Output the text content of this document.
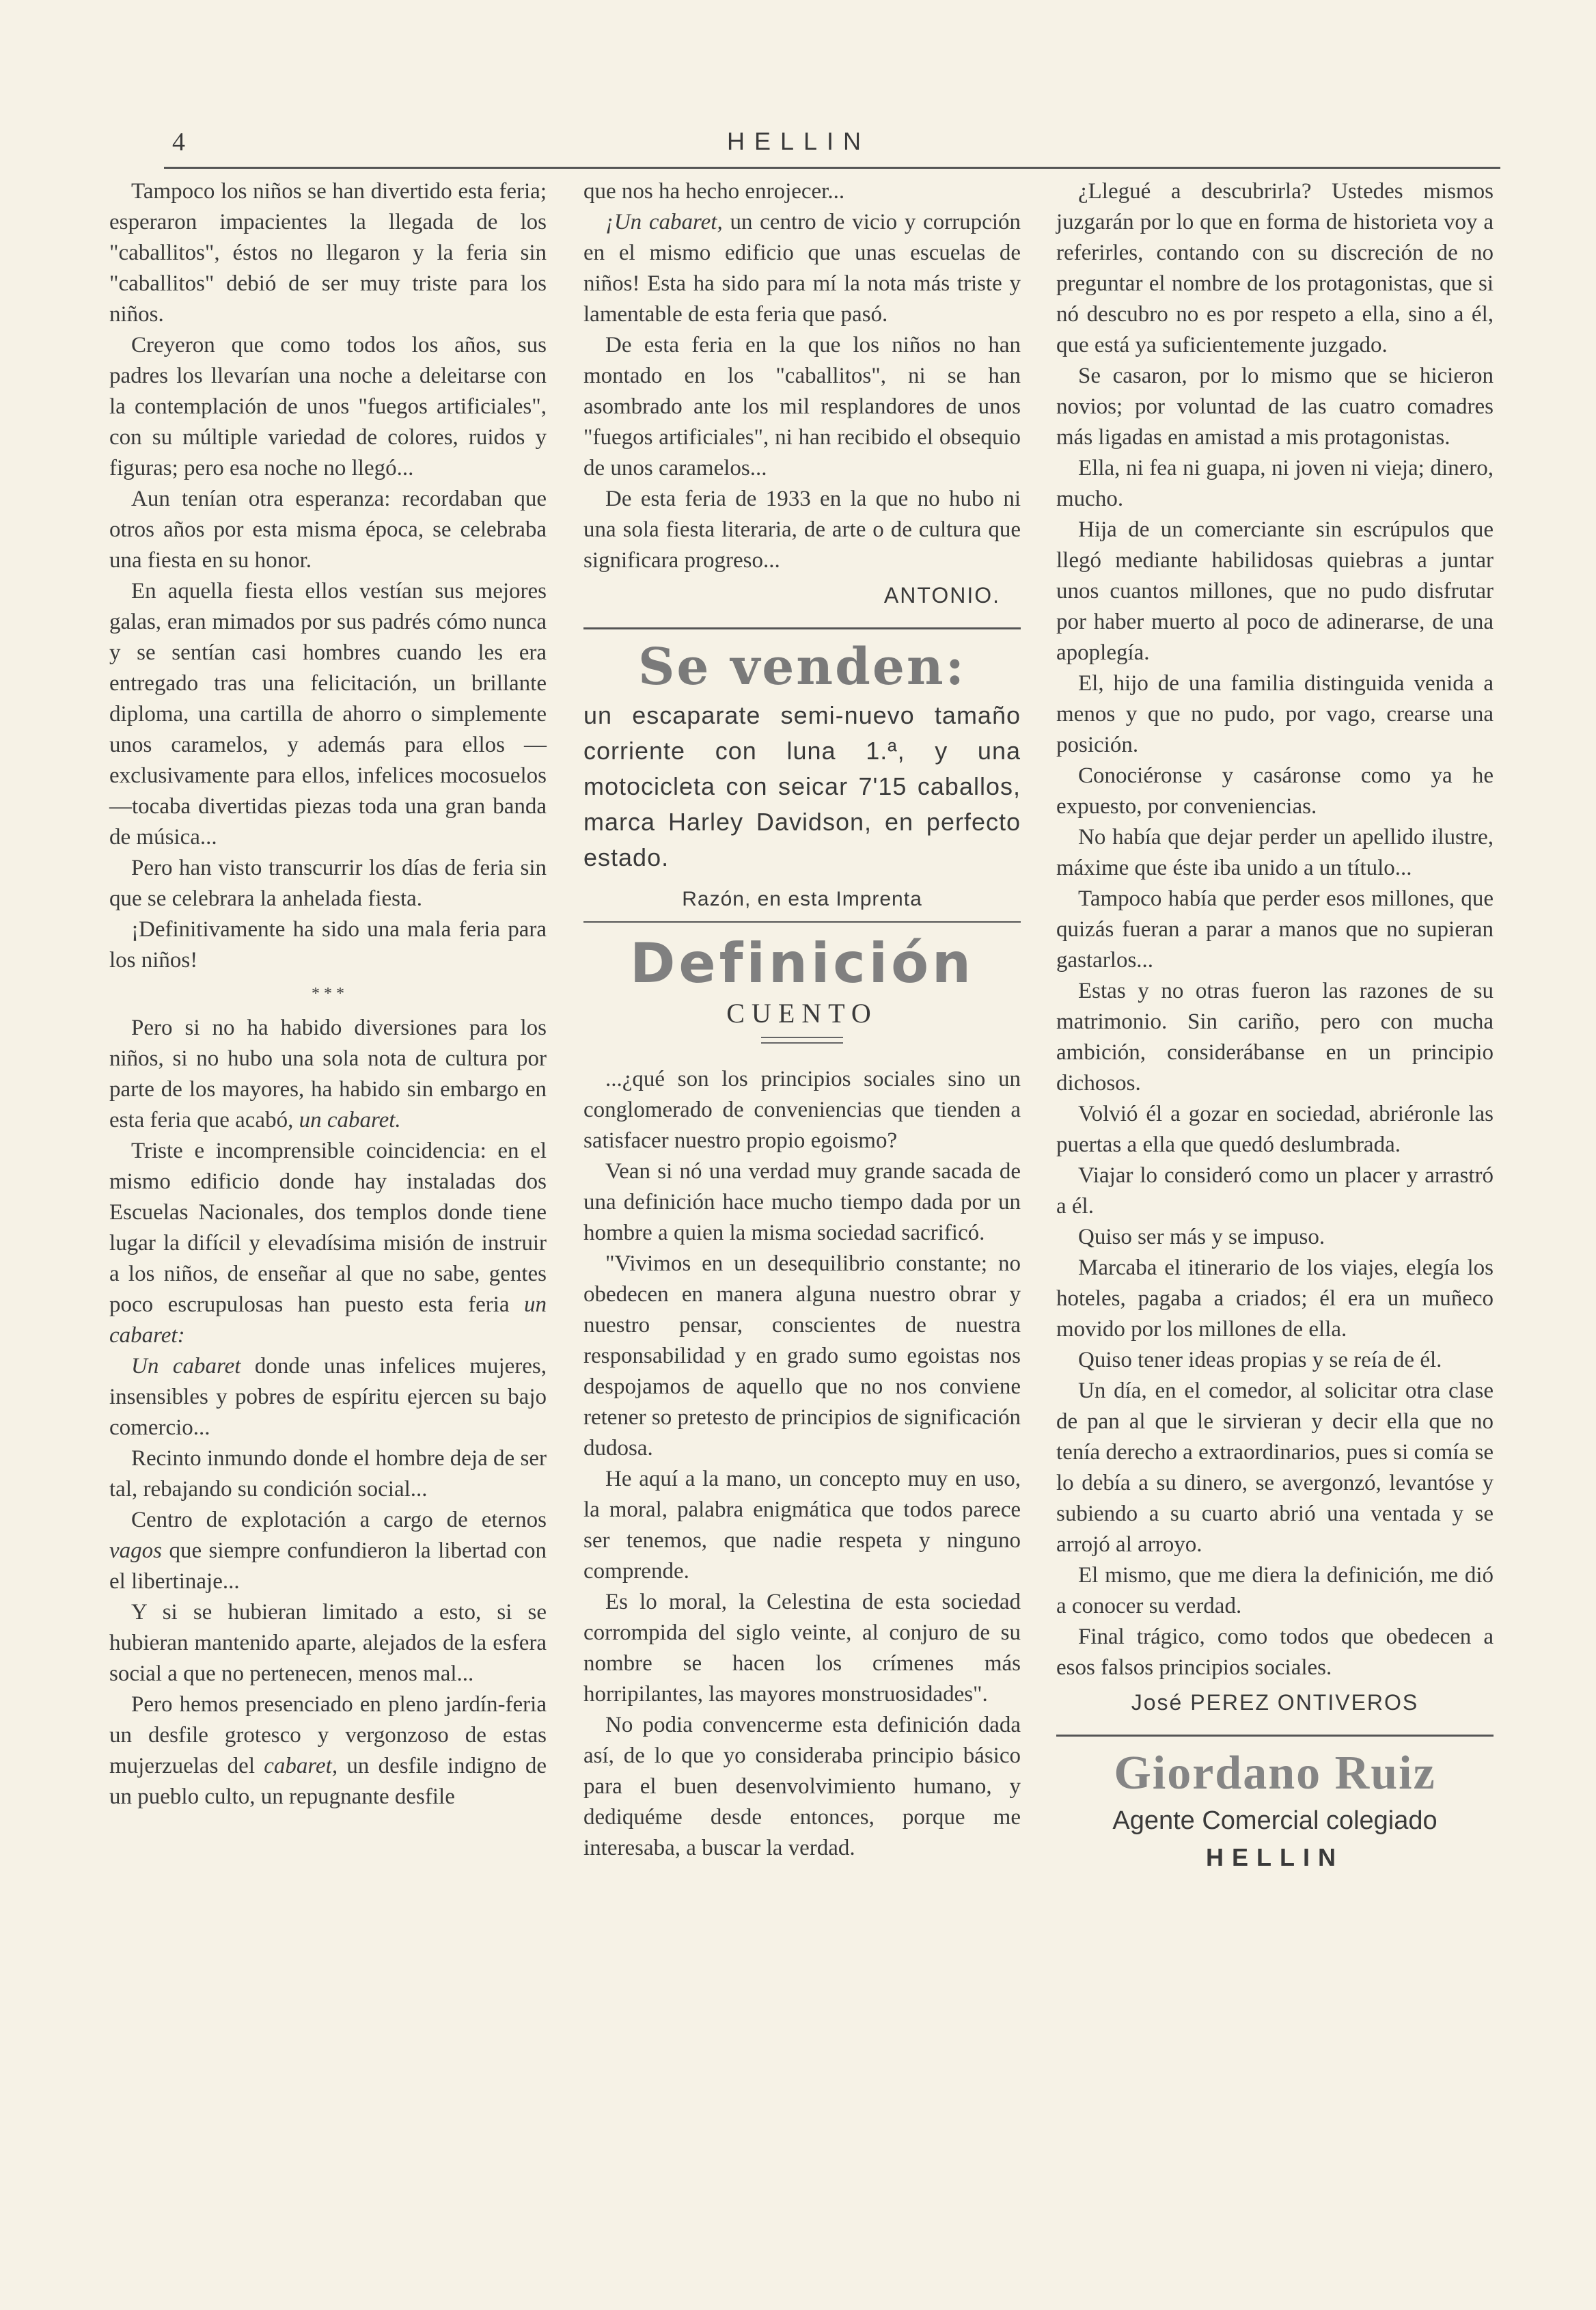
4	HELLIN

Tampoco los niños se han divertido esta feria; esperaron impacientes la llegada de los "caballitos", éstos no llegaron y la feria sin "caballitos" debió de ser muy triste para los niños.

Creyeron que como todos los años, sus padres los llevarían una noche a deleitarse con la contemplación de unos "fuegos artificiales", con su múltiple variedad de colores, ruidos y figuras; pero esa noche no llegó...

Aun tenían otra esperanza: recordaban que otros años por esta misma época, se celebraba una fiesta en su honor.

En aquella fiesta ellos vestían sus mejores galas, eran mimados por sus padrés cómo nunca y se sentían casi hombres cuando les era entregado tras una felicitación, un brillante diploma, una cartilla de ahorro o simplemente unos caramelos, y además para ellos —exclusivamente para ellos, infelices mocosuelos—tocaba divertidas piezas toda una gran banda de música...

Pero han visto transcurrir los días de feria sin que se celebrara la anhelada fiesta.

¡Definitivamente ha sido una mala feria para los niños!

* * *

Pero si no ha habido diversiones para los niños, si no hubo una sola nota de cultura por parte de los mayores, ha habido sin embargo en esta feria que acabó, un cabaret.

Triste e incomprensible coincidencia: en el mismo edificio donde hay instaladas dos Escuelas Nacionales, dos templos donde tiene lugar la difícil y elevadísima misión de instruir a los niños, de enseñar al que no sabe, gentes poco escrupulosas han puesto esta feria un cabaret:

Un cabaret donde unas infelices mujeres, insensibles y pobres de espíritu ejercen su bajo comercio...

Recinto inmundo donde el hombre deja de ser tal, rebajando su condición social...

Centro de explotación a cargo de eternos vagos que siempre confundieron la libertad con el libertinaje...

Y si se hubieran limitado a esto, si se hubieran mantenido aparte, alejados de la esfera social a que no pertenecen, menos mal...

Pero hemos presenciado en pleno jardín-feria un desfile grotesco y vergonzoso de estas mujerzuelas del cabaret, un desfile indigno de un pueblo culto, un repugnante desfile

que nos ha hecho enrojecer...

¡Un cabaret, un centro de vicio y corrupción en el mismo edificio que unas escuelas de niños! Esta ha sido para mí la nota más triste y lamentable de esta feria que pasó.

De esta feria en la que los niños no han montado en los "caballitos", ni se han asombrado ante los mil resplandores de unos "fuegos artificiales", ni han recibido el obsequio de unos caramelos...

De esta feria de 1933 en la que no hubo ni una sola fiesta literaria, de arte o de cultura que significara progreso...

ANTONIO.
Se venden:
un escaparate semi-nuevo tamaño corriente con luna 1.ª, y una motocicleta con seicar 7'15 caballos, marca Harley Davidson, en perfecto estado.
Razón, en esta Imprenta
Definición
CUENTO

...¿qué son los principios sociales sino un conglomerado de conveniencias que tienden a satisfacer nuestro propio egoismo?

Vean si nó una verdad muy grande sacada de una definición hace mucho tiempo dada por un hombre a quien la misma sociedad sacrificó.

"Vivimos en un desequilibrio constante; no obedecen en manera alguna nuestro obrar y nuestro pensar, conscientes de nuestra responsabilidad y en grado sumo egoistas nos despojamos de aquello que no nos conviene retener so pretesto de principios de significación dudosa.

He aquí a la mano, un concepto muy en uso, la moral, palabra enigmática que todos parece ser tenemos, que nadie respeta y ninguno comprende.

Es lo moral, la Celestina de esta sociedad corrompida del siglo veinte, al conjuro de su nombre se hacen los crímenes más horripilantes, las mayores monstruosidades".

No podia convencerme esta definición dada así, de lo que yo consideraba principio básico para el buen desenvolvimiento humano, y dediquéme desde entonces, porque me interesaba, a buscar la verdad.

¿Llegué a descubrirla? Ustedes mismos juzgarán por lo que en forma de historieta voy a referirles, contando con su discreción de no preguntar el nombre de los protagonistas, que si nó descubro no es por respeto a ella, sino a él, que está ya suficientemente juzgado.

Se casaron, por lo mismo que se hicieron novios; por voluntad de las cuatro comadres más ligadas en amistad a mis protagonistas.

Ella, ni fea ni guapa, ni joven ni vieja; dinero, mucho.

Hija de un comerciante sin escrúpulos que llegó mediante habilidosas quiebras a juntar unos cuantos millones, que no pudo disfrutar por haber muerto al poco de adinerarse, de una apoplegía.

El, hijo de una familia distinguida venida a menos y que no pudo, por vago, crearse una posición.

Conociéronse y casáronse como ya he expuesto, por conveniencias.

No había que dejar perder un apellido ilustre, máxime que éste iba unido a un título...

Tampoco había que perder esos millones, que quizás fueran a parar a manos que no supieran gastarlos...

Estas y no otras fueron las razones de su matrimonio. Sin cariño, pero con mucha ambición, considerábanse en un principio dichosos.

Volvió él a gozar en sociedad, abriéronle las puertas a ella que quedó deslumbrada.

Viajar lo consideró como un placer y arrastró a él.

Quiso ser más y se impuso.

Marcaba el itinerario de los viajes, elegía los hoteles, pagaba a criados; él era un muñeco movido por los millones de ella.

Quiso tener ideas propias y se reía de él.

Un día, en el comedor, al solicitar otra clase de pan al que le sirvieran y decir ella que no tenía derecho a extraordinarios, pues si comía se lo debía a su dinero, se avergonzó, levantóse y subiendo a su cuarto abrió una ventada y se arrojó al arroyo.

El mismo, que me diera la definición, me dió a conocer su verdad.

Final trágico, como todos que obedecen a esos falsos principios sociales.

José PEREZ ONTIVEROS
Giordano Ruiz
Agente Comercial colegiado
HELLIN
